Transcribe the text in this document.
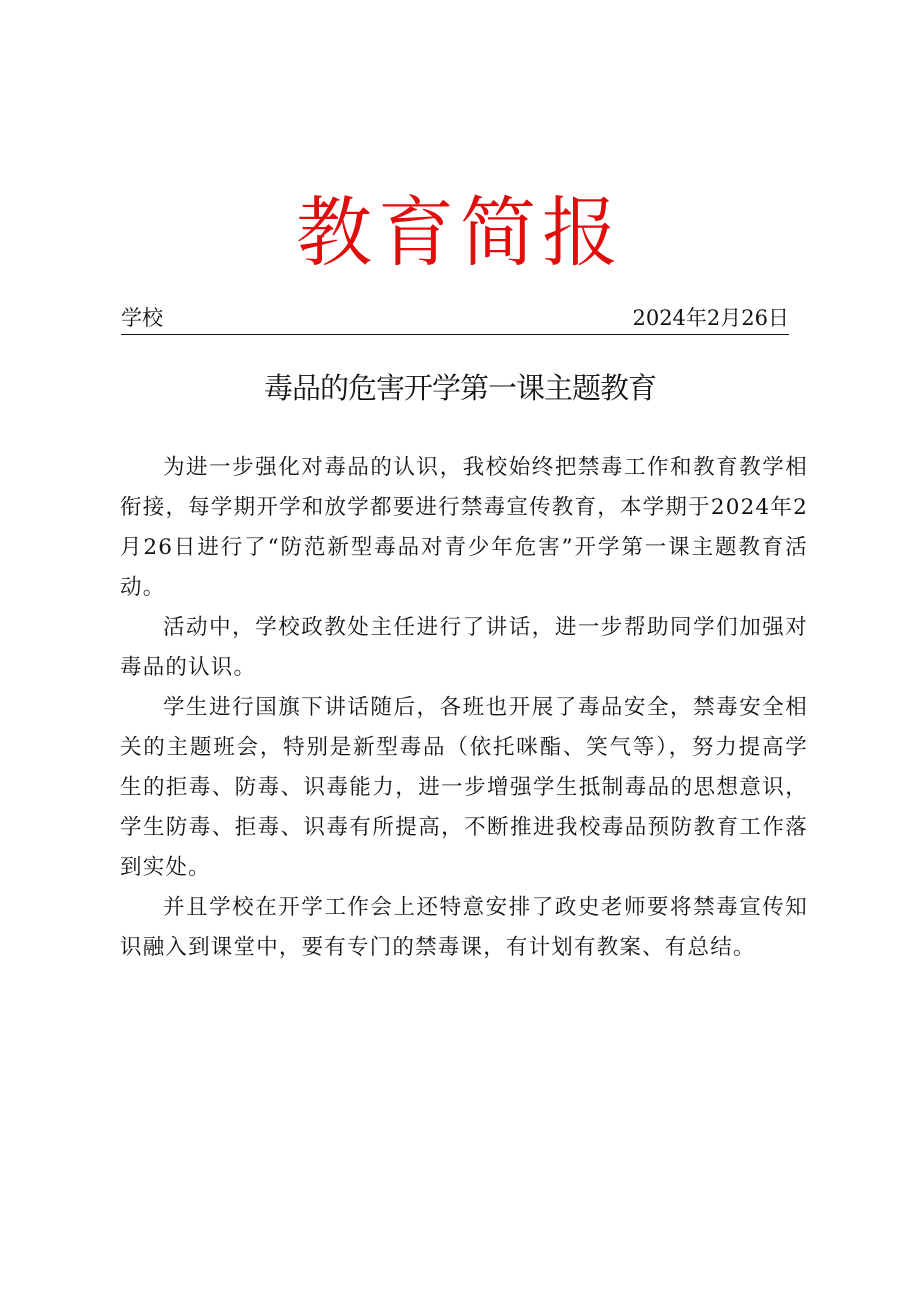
教育简报
学校	2024年2月26日
毒品的危害开学第一课主题教育

为进一步强化对毒品的认识，我校始终把禁毒工作和教育教学相衔接，每学期开学和放学都要进行禁毒宣传教育，本学期于2024年2月26日进行了“防范新型毒品对青少年危害”开学第一课主题教育活动。

活动中，学校政教处主任进行了讲话，进一步帮助同学们加强对毒品的认识。

学生进行国旗下讲话随后，各班也开展了毒品安全，禁毒安全相关的主题班会，特别是新型毒品（依托咪酯、笑气等），努力提高学生的拒毒、防毒、识毒能力，进一步增强学生抵制毒品的思想意识，学生防毒、拒毒、识毒有所提高，不断推进我校毒品预防教育工作落到实处。

并且学校在开学工作会上还特意安排了政史老师要将禁毒宣传知识融入到课堂中，要有专门的禁毒课，有计划有教案、有总结。
